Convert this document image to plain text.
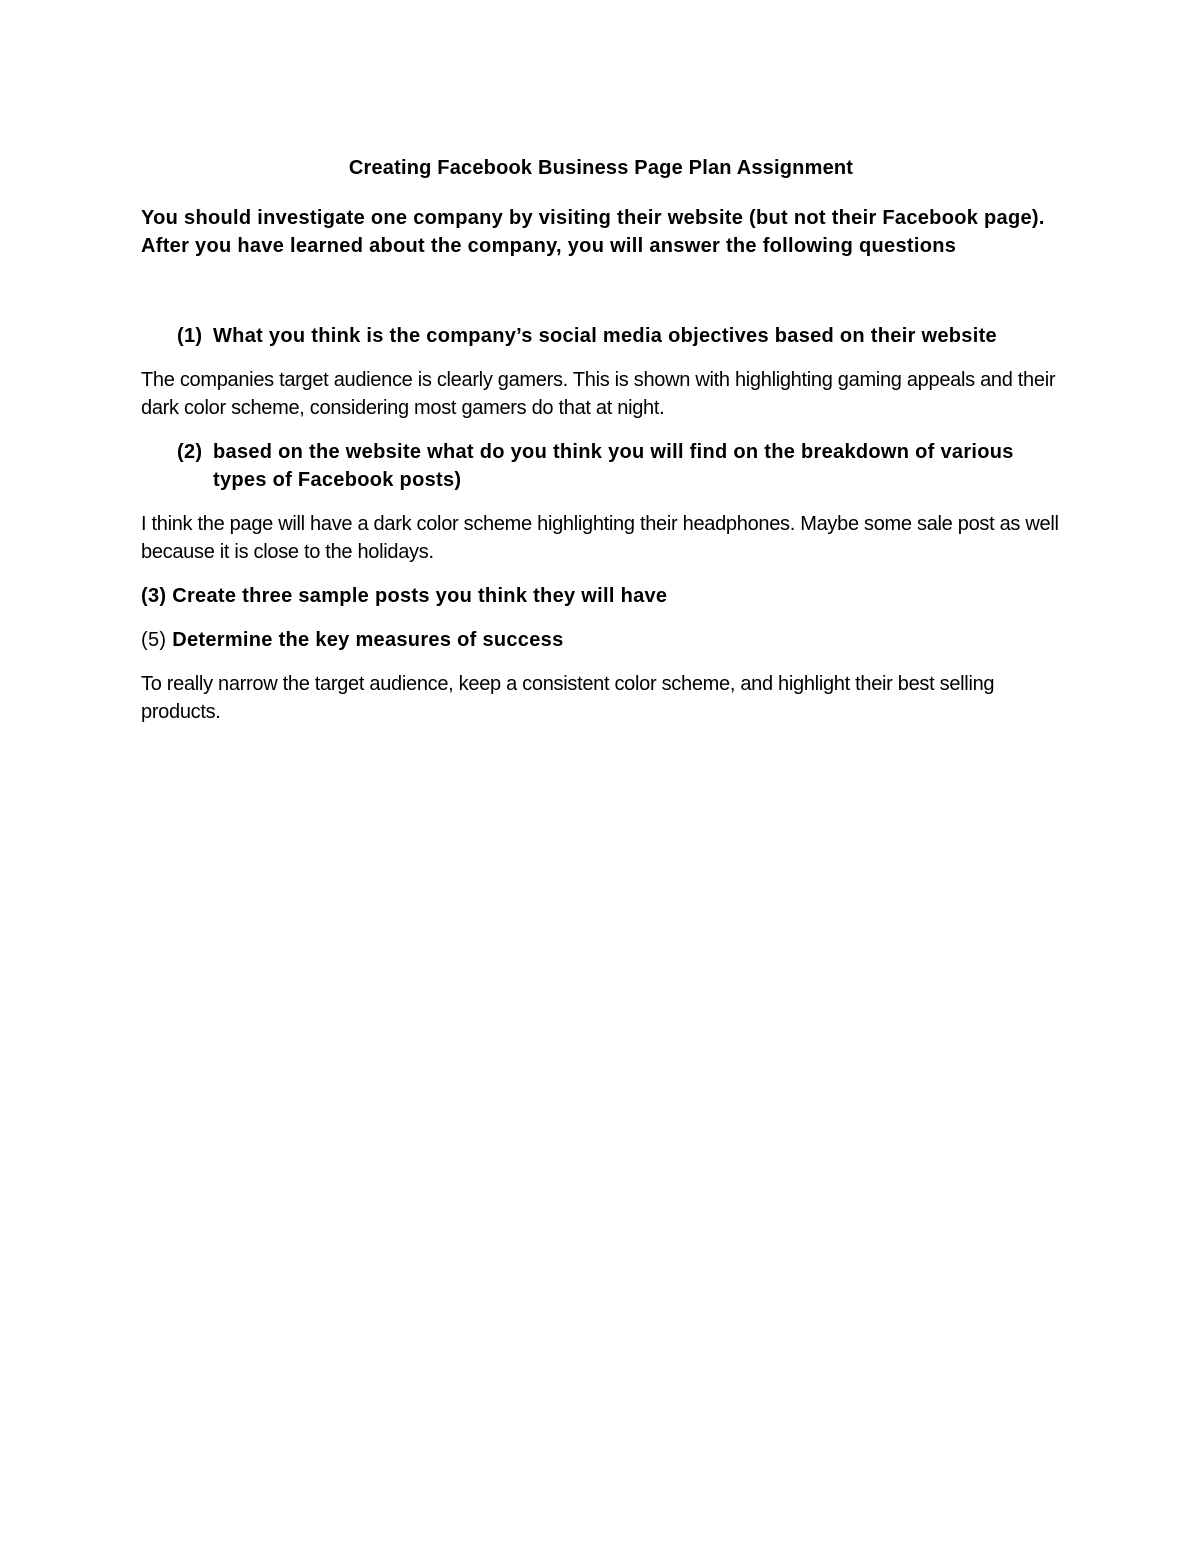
Creating Facebook Business Page Plan Assignment

You should investigate one company by visiting their website (but not their Facebook page). After you have learned about the company, you will answer the following questions

(1) What you think is the company’s social media objectives based on their website

The companies target audience is clearly gamers. This is shown with highlighting gaming appeals and their dark color scheme, considering most gamers do that at night.

(2) based on the website what do you think you will find on the breakdown of various types of Facebook posts)

I think the page will have a dark color scheme highlighting their headphones. Maybe some sale post as well because it is close to the holidays.

(3) Create three sample posts you think they will have

(5) Determine the key measures of success

To really narrow the target audience, keep a consistent color scheme, and highlight their best selling products.
